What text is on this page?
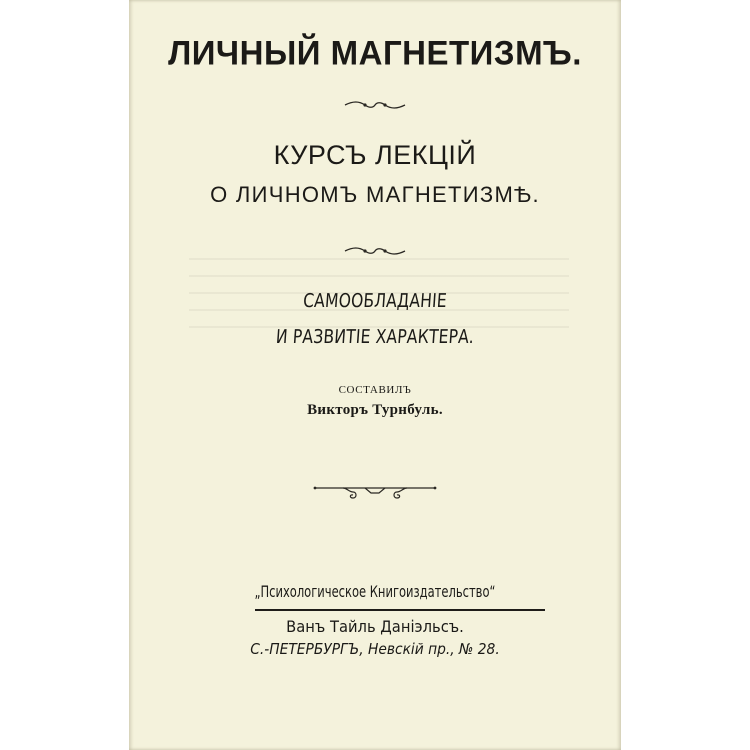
ЛИЧНЫЙ МАГНЕТИЗМЪ.
КУРСЪ ЛЕКЦІЙ
О ЛИЧНОМЪ МАГНЕТИЗМѢ.
САМООБЛАДАНІЕ
И РАЗВИТІЕ ХАРАКТЕРА.
СОСТАВИЛЪ
Викторъ Турнбуль.
„Психологическое Книгоиздательство“
Ванъ Тайль Даніэльсъ.
С.-ПЕТЕРБУРГЪ, Невскій пр., № 28.
